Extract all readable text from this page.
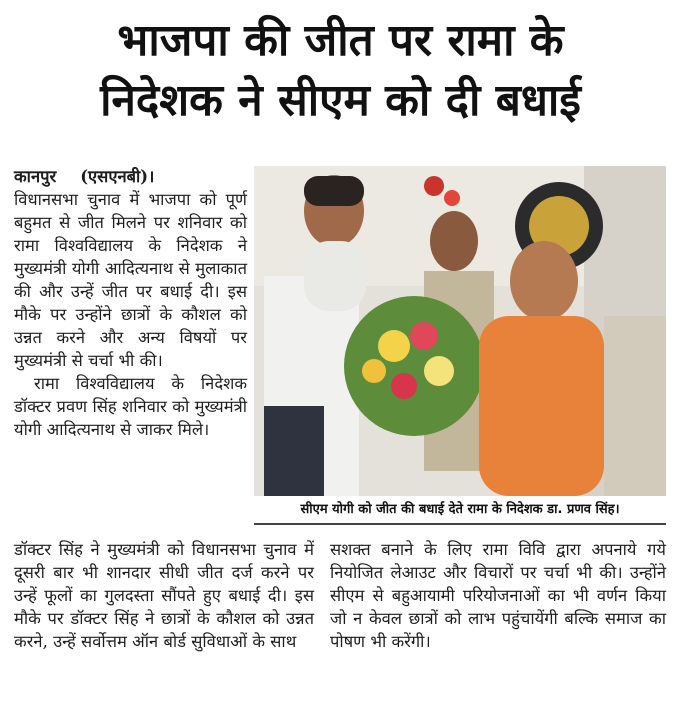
भाजपा की जीत पर रामा के
निदेशक ने सीएम को दी बधाई
कानपुर (एसएनबी)।

विधानसभा चुनाव में भाजपा को पूर्ण बहुमत से जीत मिलने पर शनिवार को रामा विश्वविद्यालय के निदेशक ने मुख्यमंत्री योगी आदित्यनाथ से मुलाकात की और उन्हें जीत पर बधाई दी। इस मौके पर उन्होंने छात्रों के कौशल को उन्नत करने और अन्य विषयों पर मुख्यमंत्री से चर्चा भी की।

रामा विश्वविद्यालय के निदेशक डॉक्टर प्रवण सिंह शनिवार को मुख्यमंत्री योगी आदित्यनाथ से जाकर मिले।

सीएम योगी को जीत की बधाई देते रामा के निदेशक डा. प्रणव सिंह।

डॉक्टर सिंह ने मुख्यमंत्री को विधानसभा चुनाव में दूसरी बार भी शानदार सीधी जीत दर्ज करने पर उन्हें फूलों का गुलदस्ता सौंपते हुए बधाई दी। इस मौके पर डॉक्टर सिंह ने छात्रों के कौशल को उन्नत करने, उन्हें सर्वोत्तम ऑन बोर्ड सुविधाओं के साथ

सशक्त बनाने के लिए रामा विवि द्वारा अपनाये गये नियोजित लेआउट और विचारों पर चर्चा भी की। उन्होंने सीएम से बहुआयामी परियोजनाओं का भी वर्णन किया जो न केवल छात्रों को लाभ पहुंचायेंगी बल्कि समाज का पोषण भी करेंगी।
